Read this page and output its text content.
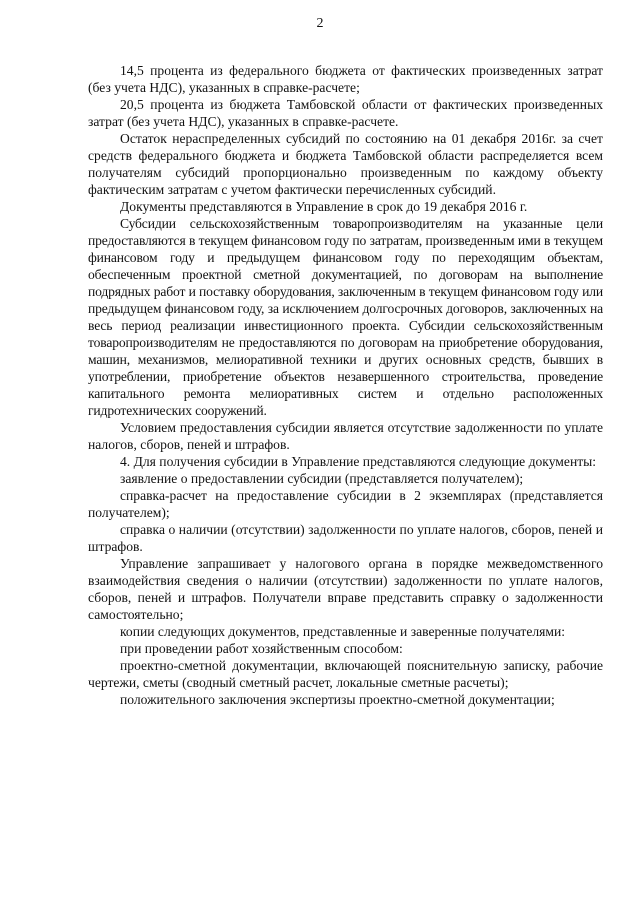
2

14,5 процента из федерального бюджета от фактических произведенных затрат (без учета НДС), указанных в справке-расчете;

20,5 процента из бюджета Тамбовской области от фактических произведенных затрат (без учета НДС), указанных в справке-расчете.

Остаток нераспределенных субсидий по состоянию на 01 декабря 2016г. за счет средств федерального бюджета и бюджета Тамбовской области распределяется всем получателям субсидий пропорционально произведенным по каждому объекту фактическим затратам с учетом фактически перечисленных субсидий.

Документы представляются в Управление в срок до 19 декабря 2016 г.

Субсидии сельскохозяйственным товаропроизводителям на указанные цели предоставляются в текущем финансовом году по затратам, произведенным ими в текущем финансовом году и предыдущем финансовом году по переходящим объектам, обеспеченным проектной сметной документацией, по договорам на выполнение подрядных работ и поставку оборудования, заключенным в текущем финансовом году или предыдущем финансовом году, за исключением долгосрочных договоров, заключенных на весь период реализации инвестиционного проекта. Субсидии сельскохозяйственным товаропроизводителям не предоставляются по договорам на приобретение оборудования, машин, механизмов, мелиоративной техники и других основных средств, бывших в употреблении, приобретение объектов незавершенного строительства, проведение капитального ремонта мелиоративных систем и отдельно расположенных гидротехнических сооружений.

Условием предоставления субсидии является отсутствие задолженности по уплате налогов, сборов, пеней и штрафов.

4. Для получения субсидии в Управление представляются следующие документы:

заявление о предоставлении субсидии (представляется получателем);

справка-расчет на предоставление субсидии в 2 экземплярах (представляется получателем);

справка о наличии (отсутствии) задолженности по уплате налогов, сборов, пеней и штрафов.

Управление запрашивает у налогового органа в порядке межведомственного взаимодействия сведения о наличии (отсутствии) задолженности по уплате налогов, сборов, пеней и штрафов. Получатели вправе представить справку о задолженности самостоятельно;

копии следующих документов, представленные и заверенные получателями:

при проведении работ хозяйственным способом:

проектно-сметной документации, включающей пояснительную записку, рабочие чертежи, сметы (сводный сметный расчет, локальные сметные расчеты);

положительного заключения экспертизы проектно-сметной документации;
